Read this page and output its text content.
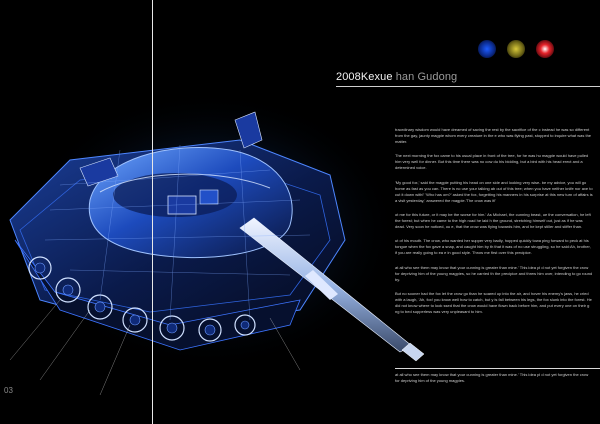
2008Kexue han Gudong

traordinary wisdom would have dreamed of saving the rest by the sacrifice of the c instead he was so different from the gay, jaunty magpie whom every creature in the e who was flying past, stopped to inquire what was the matter.

The next morning the fox came to his usual place in front of the tree, for he was hu magpie would have pulled him very well for dinner. But this time there was no cow du his bidding, but a bird with his head erect and a determined voice.

'My good fox,' said the magpie putting his head on one side and looking very wise- be my advice, you will go home as fast as you can. There is no use your talking ab out of this tree; when you have neither knife nor axe to cut it down with!' 'Who has om?' asked the fox, forgetting his manners in his surprise at this new turn of affairs is a visit yesterday,' answered the magpie.'The crow was it!'

ot me for this future, or it may be the worse for him.' As Michael, the cunning beast, ue the conversation, he left the forest; but when he came to the high road he laid h the ground, stretching himself out, just as if he was dead. Very soon he noticed, ou e, that the crow was flying towards him, and he kept stiller and stiffer than.

ut of his mouth. The crow, who wanted her supper very badly, hopped quickly towa ping forward to peck at his tongue when the fox gave a snap, and caught him by th that it was of no use struggling, so he said:Ah, brother, if you are really going to ea e in good style. Throw me first over this precipice.

at all who see them may know that your cunning is greater than mine.' This idea pl d not yet forgiven the crow for depriving him of the young magpies, so he carried th the precipice and threw him over, intending to go round by.

But no sooner had the fox let the crow go than he soared up into the air, and hover his enemy's jaws, he cried with a laugh, 'Ah, fox! you know well how to catch, but y is fall between his legs, the fox slunk into the forest. He did not know where to look ssed that the crow would have flown back before him, and put every one on their g ng to bed supperless was very unpleasant to him.

at all who see them may know that your cunning is greater than mine.' This idea pl d not yet forgiven the crow for depriving him of the young magpies.
03
